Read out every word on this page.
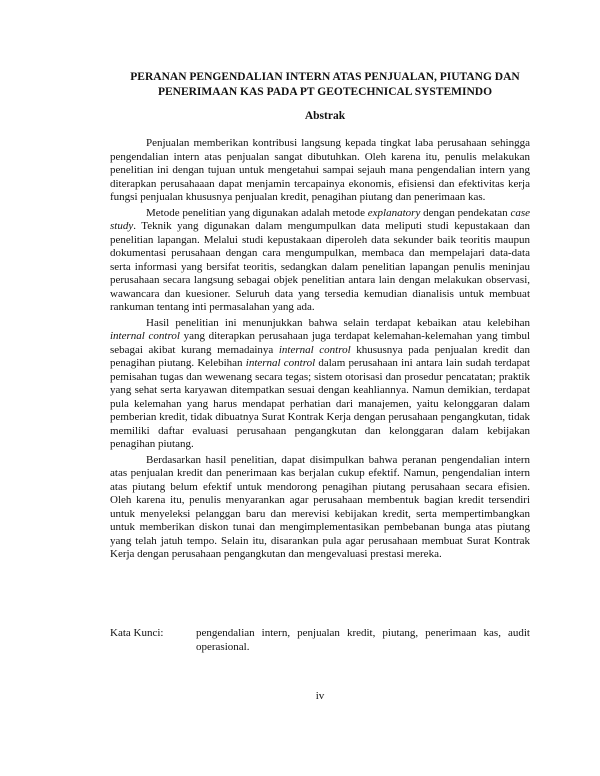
PERANAN PENGENDALIAN INTERN ATAS PENJUALAN, PIUTANG DAN
PENERIMAAN KAS PADA PT GEOTECHNICAL SYSTEMINDO
Abstrak

Penjualan memberikan kontribusi langsung kepada tingkat laba perusahaan sehingga pengendalian intern atas penjualan sangat dibutuhkan. Oleh karena itu, penulis melakukan penelitian ini dengan tujuan untuk mengetahui sampai sejauh mana pengendalian intern yang diterapkan perusahaaan dapat menjamin tercapainya ekonomis, efisiensi dan efektivitas kerja fungsi penjualan khususnya penjualan kredit, penagihan piutang dan penerimaan kas.

Metode penelitian yang digunakan adalah metode explanatory dengan pendekatan case study. Teknik yang digunakan dalam mengumpulkan data meliputi studi kepustakaan dan penelitian lapangan. Melalui studi kepustakaan diperoleh data sekunder baik teoritis maupun dokumentasi perusahaan dengan cara mengumpulkan, membaca dan mempelajari data-data serta informasi yang bersifat teoritis, sedangkan dalam penelitian lapangan penulis meninjau perusahaan secara langsung sebagai objek penelitian antara lain dengan melakukan observasi, wawancara dan kuesioner. Seluruh data yang tersedia kemudian dianalisis untuk membuat rankuman tentang inti permasalahan yang ada.

Hasil penelitian ini menunjukkan bahwa selain terdapat kebaikan atau kelebihan internal control yang diterapkan perusahaan juga terdapat kelemahan-kelemahan yang timbul sebagai akibat kurang memadainya internal control khususnya pada penjualan kredit dan penagihan piutang. Kelebihan internal control dalam perusahaan ini antara lain sudah terdapat pemisahan tugas dan wewenang secara tegas; sistem otorisasi dan prosedur pencatatan; praktik yang sehat serta karyawan ditempatkan sesuai dengan keahliannya. Namun demikian, terdapat pula kelemahan yang harus mendapat perhatian dari manajemen, yaitu kelonggaran dalam pemberian kredit, tidak dibuatnya Surat Kontrak Kerja dengan perusahaan pengangkutan, tidak memiliki daftar evaluasi perusahaan pengangkutan dan kelonggaran dalam kebijakan penagihan piutang.

Berdasarkan hasil penelitian, dapat disimpulkan bahwa peranan pengendalian intern atas penjualan kredit dan penerimaan kas berjalan cukup efektif. Namun, pengendalian intern atas piutang belum efektif untuk mendorong penagihan piutang perusahaan secara efisien. Oleh karena itu, penulis menyarankan agar perusahaan membentuk bagian kredit tersendiri untuk menyeleksi pelanggan baru dan merevisi kebijakan kredit, serta mempertimbangkan untuk memberikan diskon tunai dan mengimplementasikan pembebanan bunga atas piutang yang telah jatuh tempo. Selain itu, disarankan pula agar perusahaan membuat Surat Kontrak Kerja dengan perusahaan pengangkutan dan mengevaluasi prestasi mereka.

Kata Kunci:	pengendalian intern, penjualan kredit, piutang, penerimaan kas, audit operasional.
iv
